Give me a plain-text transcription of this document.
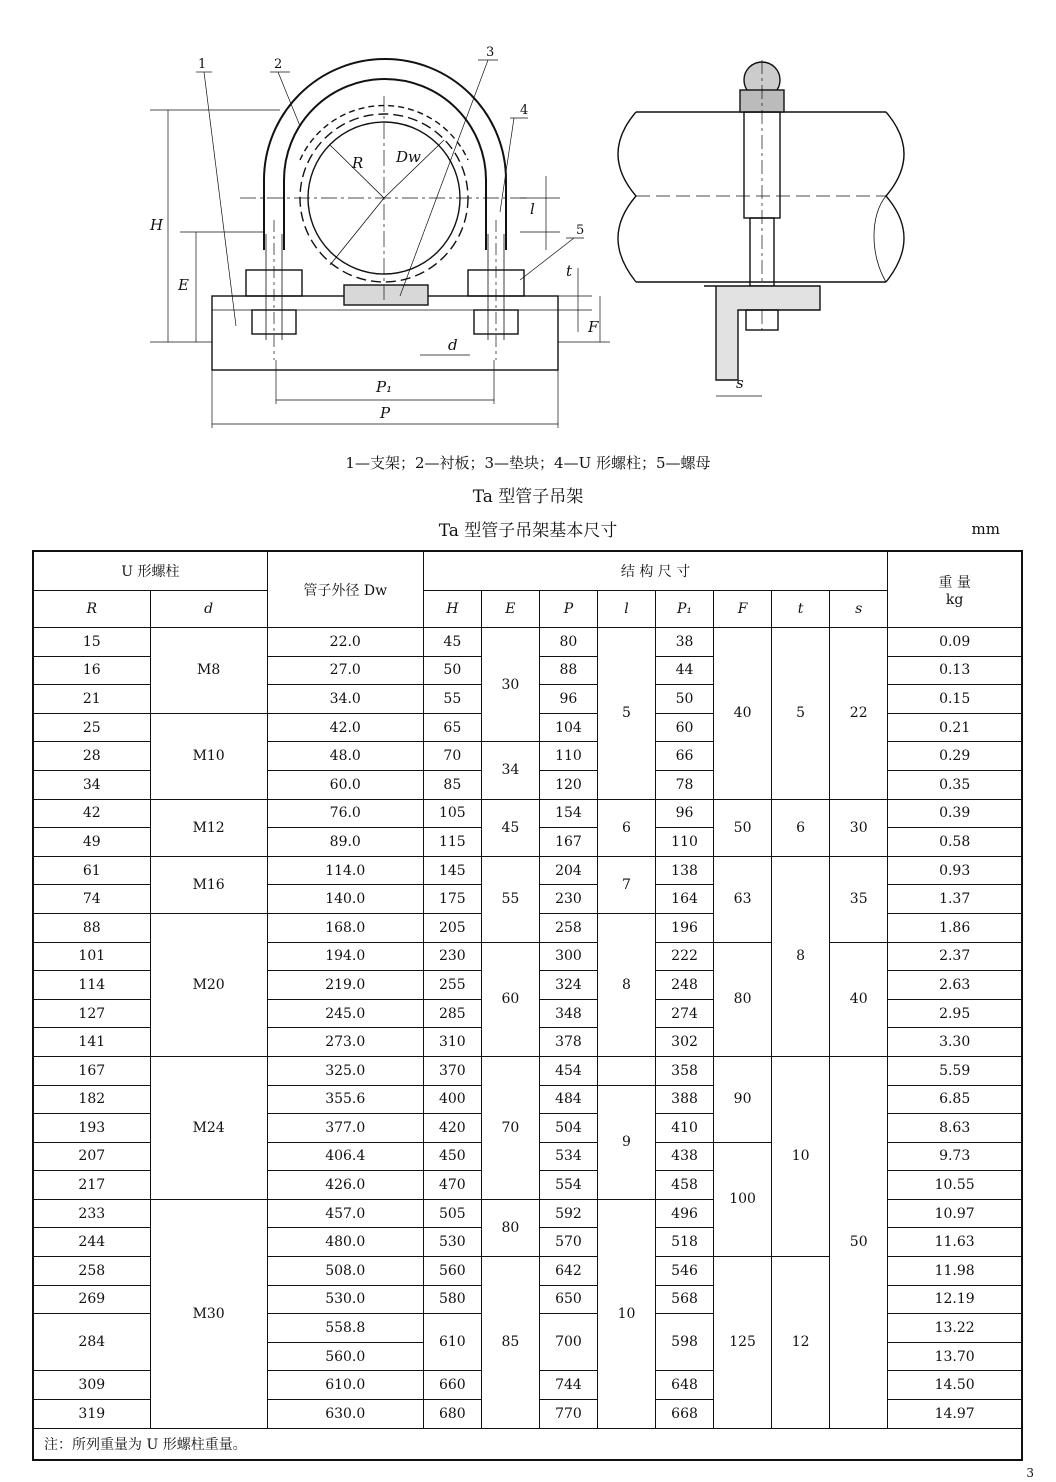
1	2
3
4
5
H
E
R Dw
l
t
F
d
P₁
P
s
1—支架；2—衬板；3—垫块；4—U 形螺柱；5—螺母
Ta 型管子吊架
Ta 型管子吊架基本尺寸	mm
U 形螺柱		管子外径 Dw	结 构 尺 寸								重 量
kg

R	d		H	E	P	l	P₁	F	t	s	
15	M8	22.0	45	30	80	5	38	40	5	22	0.09
16		27.0	50		88		44				0.13
21		34.0	55		96		50				0.15
25	M10	42.0	65		104		60				0.21
28		48.0	70	34	110		66				0.29
34		60.0	85		120		78				0.35
42	M12	76.0	105	45	154	6	96	50	6	30	0.39
49		89.0	115		167		110				0.58
61	M16	114.0	145	55	204	7	138	63	8	35	0.93
74		140.0	175		230		164				1.37
88	M20	168.0	205		258	8	196				1.86
101		194.0	230	60	300		222	80		40	2.37
114		219.0	255		324		248				2.63
127		245.0	285		348		274				2.95
141		273.0	310		378		302				3.30
167	M24	325.0	370	70	454		358	90	10	50	5.59
182		355.6	400		484	9	388				6.85
193		377.0	420		504		410				8.63
207		406.4	450		534		438	100			9.73
217		426.0	470		554		458				10.55
233	M30	457.0	505	80	592	10	496				10.97
244		480.0	530		570		518				11.63
258		508.0	560	85	642		546	125	12		11.98
269		530.0	580		650		568				12.19
284		558.8	610		700		598				13.22
		560.0									13.70
309		610.0	660		744		648				14.50
319		630.0	680		770		668				14.97
注：所列重量为 U 形螺柱重量。											
3
